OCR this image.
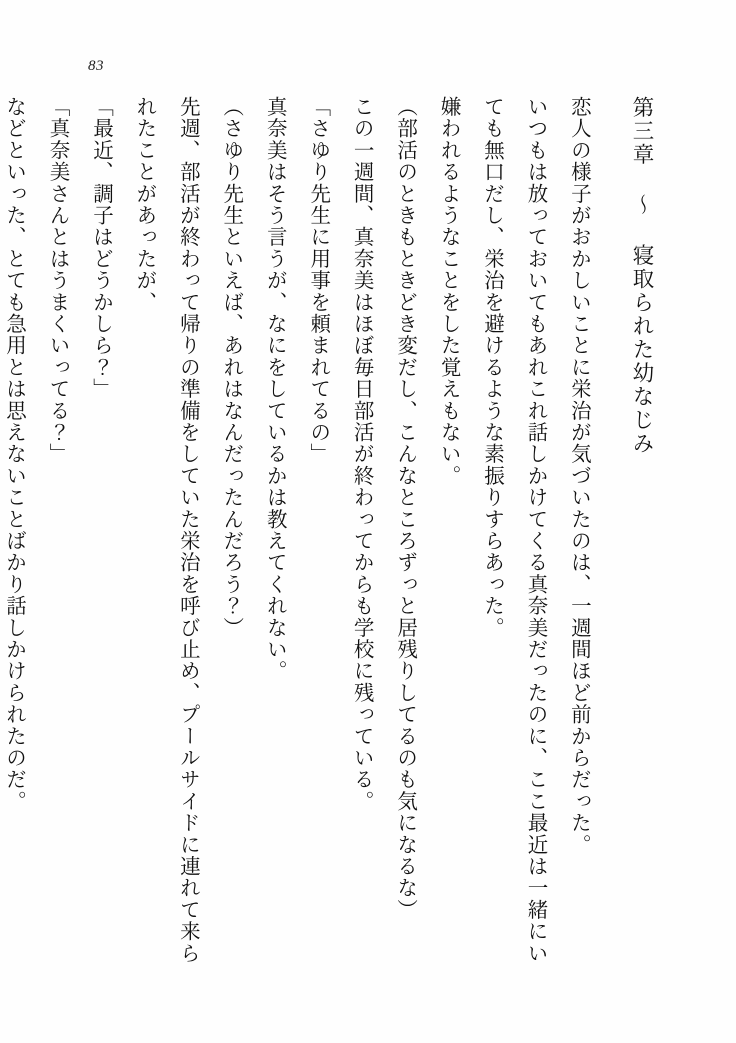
83
第三章 ～ 寝取られた幼なじみ

恋人の様子がおかしいことに栄治が気づいたのは、一週間ほど前からだった。

いつもは放っておいてもあれこれ話しかけてくる真奈美だったのに、ここ最近は一緒にいても無口だし、栄治を避けるような素振りすらあった。

嫌われるようなことをした覚えもない。

（部活のときもときどき変だし、こんなところずっと居残りしてるのも気になるな）

この一週間、真奈美はほぼ毎日部活が終わってからも学校に残っている。

「さゆり先生に用事を頼まれてるの」

真奈美はそう言うが、なにをしているかは教えてくれない。

（さゆり先生といえば、あれはなんだったんだろう？）

先週、部活が終わって帰りの準備をしていた栄治を呼び止め、プールサイドに連れて来られたことがあったが、

「最近、調子はどうかしら？」

「真奈美さんとはうまくいってる？」

などといった、とても急用とは思えないことばかり話しかけられたのだ。
